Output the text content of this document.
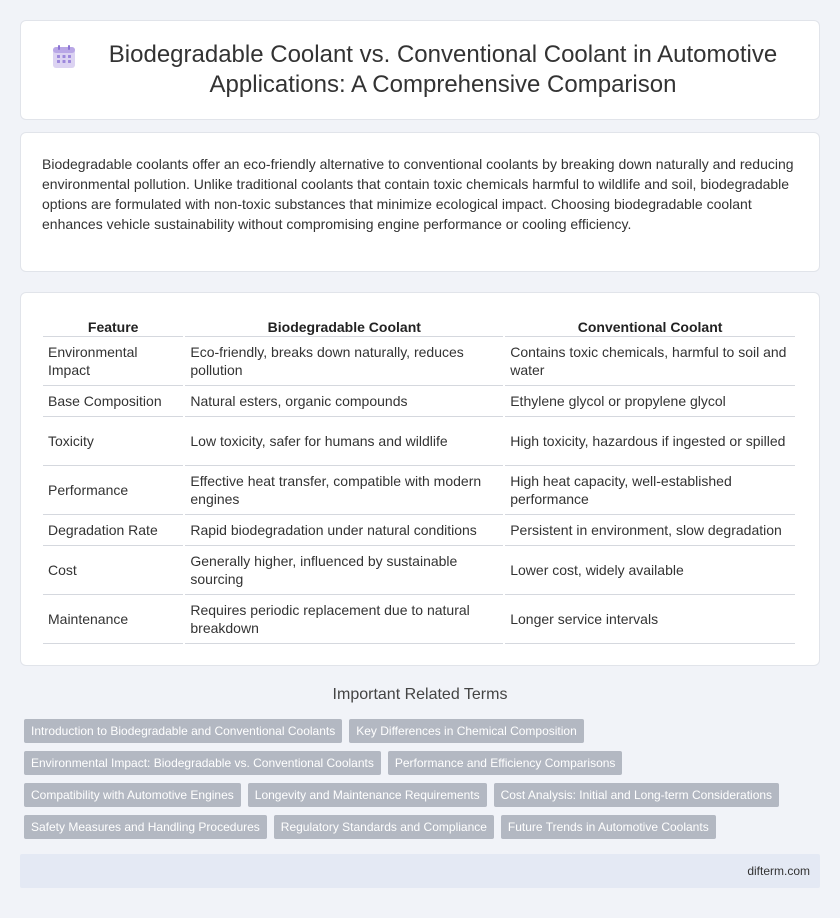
Biodegradable Coolant vs. Conventional Coolant in Automotive Applications: A Comprehensive Comparison

Biodegradable coolants offer an eco-friendly alternative to conventional coolants by breaking down naturally and reducing environmental pollution. Unlike traditional coolants that contain toxic chemicals harmful to wildlife and soil, biodegradable options are formulated with non-toxic substances that minimize ecological impact. Choosing biodegradable coolant enhances vehicle sustainability without compromising engine performance or cooling efficiency.

Feature	Biodegradable Coolant	Conventional Coolant
Environmental Impact	Eco-friendly, breaks down naturally, reduces pollution	Contains toxic chemicals, harmful to soil and water
Base Composition	Natural esters, organic compounds	Ethylene glycol or propylene glycol
Toxicity	Low toxicity, safer for humans and wildlife	High toxicity, hazardous if ingested or spilled
Performance	Effective heat transfer, compatible with modern engines	High heat capacity, well-established performance
Degradation Rate	Rapid biodegradation under natural conditions	Persistent in environment, slow degradation
Cost	Generally higher, influenced by sustainable sourcing	Lower cost, widely available
Maintenance	Requires periodic replacement due to natural breakdown	Longer service intervals
Important Related Terms
Introduction to Biodegradable and Conventional Coolants	Key Differences in Chemical Composition
Environmental Impact: Biodegradable vs. Conventional Coolants	Performance and Efficiency Comparisons
Compatibility with Automotive Engines	Longevity and Maintenance Requirements	Cost Analysis: Initial and Long-term Considerations
Safety Measures and Handling Procedures	Regulatory Standards and Compliance	Future Trends in Automotive Coolants
difterm.com
